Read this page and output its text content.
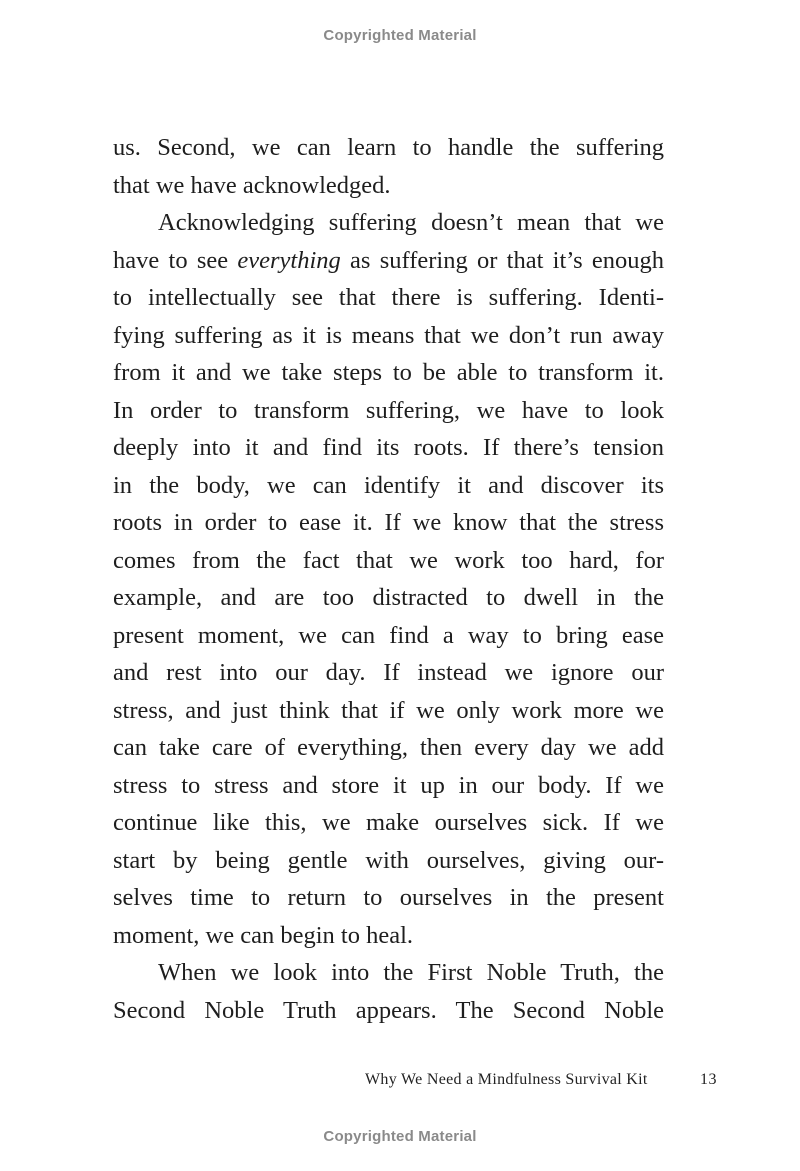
Copyrighted Material
us. Second, we can learn to handle the suffering
that we have acknowledged.
Acknowledging suffering doesn’t mean that we
have to see everything as suffering or that it’s enough
to intellectually see that there is suffering. Identi-
fying suffering as it is means that we don’t run away
from it and we take steps to be able to transform it.
In order to transform suffering, we have to look
deeply into it and find its roots. If there’s tension
in the body, we can identify it and discover its
roots in order to ease it. If we know that the stress
comes from the fact that we work too hard, for
example, and are too distracted to dwell in the
present moment, we can find a way to bring ease
and rest into our day. If instead we ignore our
stress, and just think that if we only work more we
can take care of everything, then every day we add
stress to stress and store it up in our body. If we
continue like this, we make ourselves sick. If we
start by being gentle with ourselves, giving our-
selves time to return to ourselves in the present
moment, we can begin to heal.
When we look into the First Noble Truth, the
Second Noble Truth appears. The Second Noble
Why We Need a Mindfulness Survival Kit	13
Copyrighted Material
